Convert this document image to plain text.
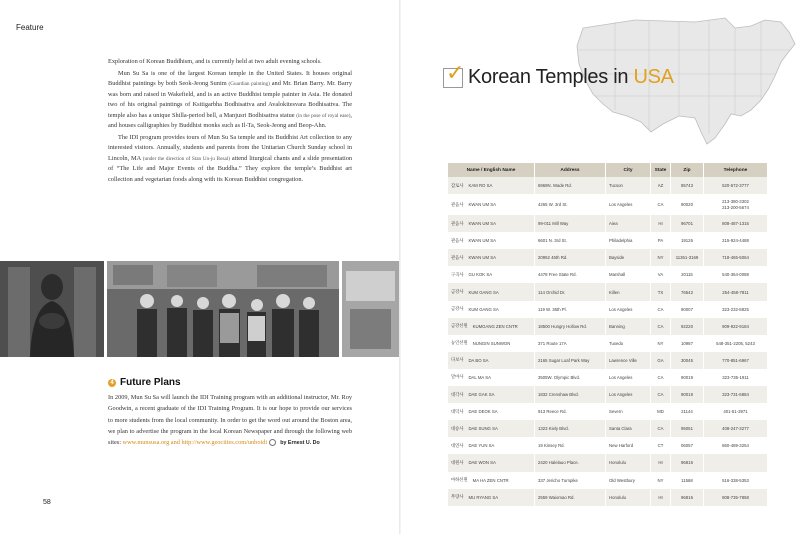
Feature

Exploration of Korean Buddhism, and is currently held at two adult evening schools.

Mun Su Sa is one of the largest Korean temple in the United States. It houses original Buddhist paintings by both Seok-Jeong Sunim (Guardian painting) and Mr. Brian Barry. Mr. Barry was born and raised in Wakefield, and is an active Buddhist temple painter in Asia. He donated two of his original paintings of Ksitigarbha Bodhisattva and Avalokitesvara Bodhisattva. The temple also has a unique Shilla-period bell, a Manjusri Bodhisattva statue (in the pose of royal ease), and houses calligraphies by Buddhist monks such as Il-Ta, Seok-Jeong and Beop-Ahn.

The IDI program provides tours of Mun Su Sa temple and its Buddhist Art collection to any interested visitors. Annually, students and parents from the Unitarian Church Sunday school in Lincoln, MA (under the direction of Stan Un-ju Bosal) attend liturgical chants and a slide presentation of “The Life and Major Events of the Buddha.” They explore the temple’s Buddhist art collection and vegetarian foods along with its Korean Buddhist congregation.

4 Future Plans
In 2009, Mun Su Sa will launch the IDI Training program with an additional instructor, Mr. Roy Goodwin, a recent graduate of the IDI Training Program. It is our hope to provide our services to more students from the local community. In order to get the word out around the Boston area, we plan to advertise the program in the local Korean Newspaper and through the following web sites: www.munsusa.org and http://www.geocities.com/unboidi by Ernest U. Do
58
✓ Korean Temples in USA
Name / English Name	Address	City	State	Zip	Telephone
감로사 KAM RO SA	6969N. Wade Rd.	Tucson	AZ	85743	520-572-3777
관음사 KWAN UM SA	4265 W. 3rd St.	Los Angeles	CA	90020
213-380-3302
213-200-5674
관음사 KWAN UM SA	99-011 Mill Way	Aiea	HI	96701	808-487-1315
관음사 KWAN UM SA	6601 N. 3rd St.	Philadelphia	PA	19126	215-924-4488
관음사 KWAN UM SA	20952 46th Rd.	Bayside	NY	11361-3169	718-465-5064
구곡사 GU KOK SA	4478 Free State Rd.	Marshall	VA	20115	540-364-0088
금강사 KUM GANG SA	114 Orchid Dr.	Killen	TX	76542	254-458-7811
금강사 KUM GANG SA	119 W. 36th Pl.	Los Angeles	CA	90007	323-232-8825
금강선원 KUMGANG ZEN CNTR	18500 Hungry Hollow Rd.	Banning	CA	92220	909-922-9184
능인선원 NUNGIN SUNWON	371 Route 17A	Tuxedo	NY	10987	548-351-2205, 5243
다보사 DA BO SA	2165 Sugar Loaf Park Way	Lawrence Ville	GA	30045	770-851-6967
달마사 DAL MA SA	3505W. Olympic Blvd.	Los Angeles	CA	90019	323-735-1911
대각사 DAE GAK SA	1832 Crenshaw Blvd.	Los Angeles	CA	90019	323-731-6884
대덕사 DAE DEOK SA	913 Reece Rd.	Severn	MD	21144	401-51-3971
대승사 DAE SUNG SA	1323 Kiely Blvd.	Santa Clara	CA	95051	408-247-3277
대연사 DAE YUN SA	19 Kinsey Rd.	New Harford	CT	06057	860-489-3254
대원사 DAE WON SA	2420 Halelauo Place.	Honolulu	HI	96816
마하선원 MA HA ZEN CNTR	337 Jericho Turnpike	Old Westbury	NY	11568	516-338-5353
무량사 MU RYANG SA	2559 Waiomao Rd.	Honolulu	HI	96816	808-735-7858
